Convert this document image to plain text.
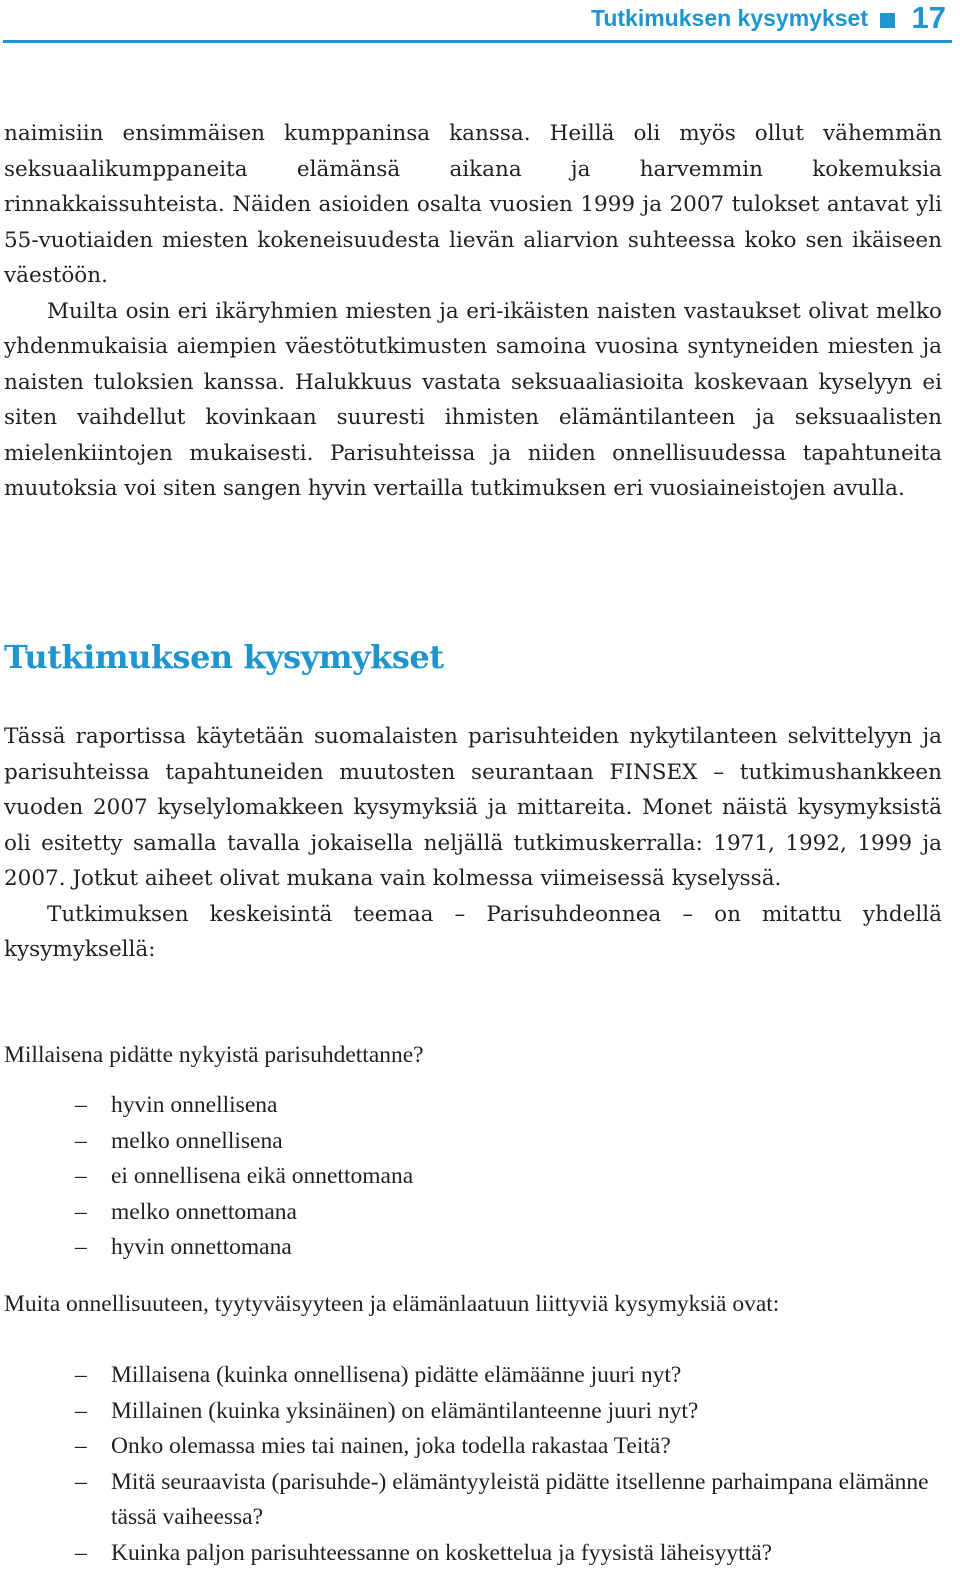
Tutkimuksen kysymykset 17

naimisiin ensimmäisen kumppaninsa kanssa. Heillä oli myös ollut vähemmän seksuaalikumppaneita elämänsä aikana ja harvemmin kokemuksia rinnakkaissuhteista. Näiden asioiden osalta vuosien 1999 ja 2007 tulokset antavat yli 55-vuotiaiden miesten kokeneisuudesta lievän aliarvion suhteessa koko sen ikäiseen väestöön.

Muilta osin eri ikäryhmien miesten ja eri-ikäisten naisten vastaukset olivat melko yhdenmukaisia aiempien väestötutkimusten samoina vuosina syntyneiden miesten ja naisten tuloksien kanssa. Halukkuus vastata seksuaaliasioita koskevaan kyselyyn ei siten vaihdellut kovinkaan suuresti ihmisten elämäntilanteen ja seksuaalisten mielenkiintojen mukaisesti. Parisuhteissa ja niiden onnellisuudessa tapahtuneita muutoksia voi siten sangen hyvin vertailla tutkimuksen eri vuosiaineistojen avulla.

Tutkimuksen kysymykset

Tässä raportissa käytetään suomalaisten parisuhteiden nykytilanteen selvittelyyn ja parisuhteissa tapahtuneiden muutosten seurantaan FINSEX – tutkimushankkeen vuoden 2007 kyselylomakkeen kysymyksiä ja mittareita. Monet näistä kysymyksistä oli esitetty samalla tavalla jokaisella neljällä tutkimuskerralla: 1971, 1992, 1999 ja 2007. Jotkut aiheet olivat mukana vain kolmessa viimeisessä kyselyssä.

Tutkimuksen keskeisintä teemaa – Parisuhdeonnea – on mitattu yhdellä kysymyksellä:

Millaisena pidätte nykyistä parisuhdettanne?

– hyvin onnellisena
– melko onnellisena
– ei onnellisena eikä onnettomana
– melko onnettomana
– hyvin onnettomana

Muita onnellisuuteen, tyytyväisyyteen ja elämänlaatuun liittyviä kysymyksiä ovat:

– Millaisena (kuinka onnellisena) pidätte elämäänne juuri nyt?
– Millainen (kuinka yksinäinen) on elämäntilanteenne juuri nyt?
– Onko olemassa mies tai nainen, joka todella rakastaa Teitä?
– Mitä seuraavista (parisuhde-) elämäntyyleistä pidätte itsellenne parhaimpana elämänne tässä vaiheessa?
– Kuinka paljon parisuhteessanne on koskettelua ja fyysistä läheisyyttä?
